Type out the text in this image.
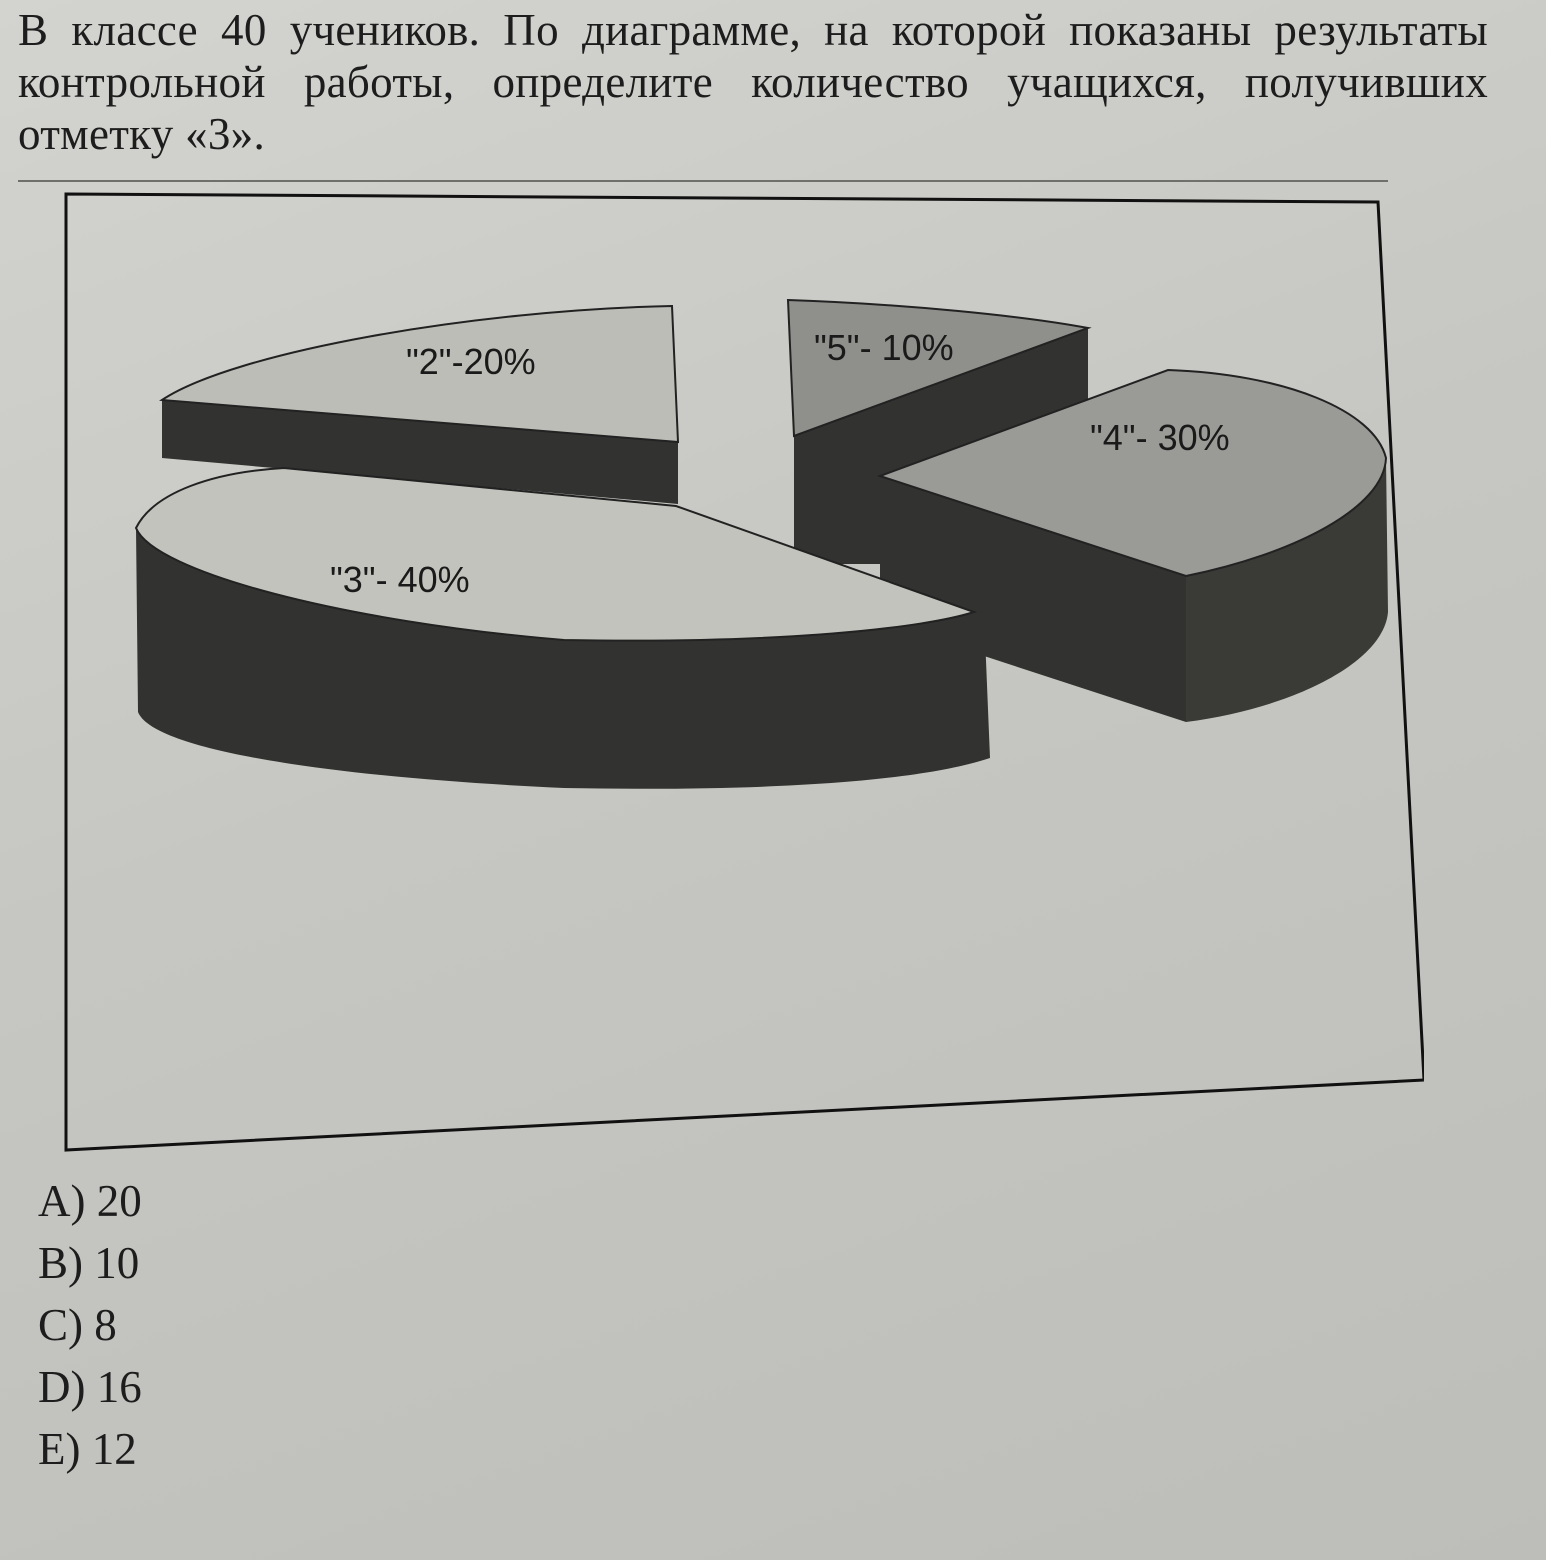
В классе 40 учеников. По диаграмме, на которой показаны результаты контрольной работы, определите количество учащихся, получивших отметку «3».
"2"-20%	"5"- 10%
"4"- 30%
"3"- 40%
A) 20
B) 10
C) 8
D) 16
E) 12
